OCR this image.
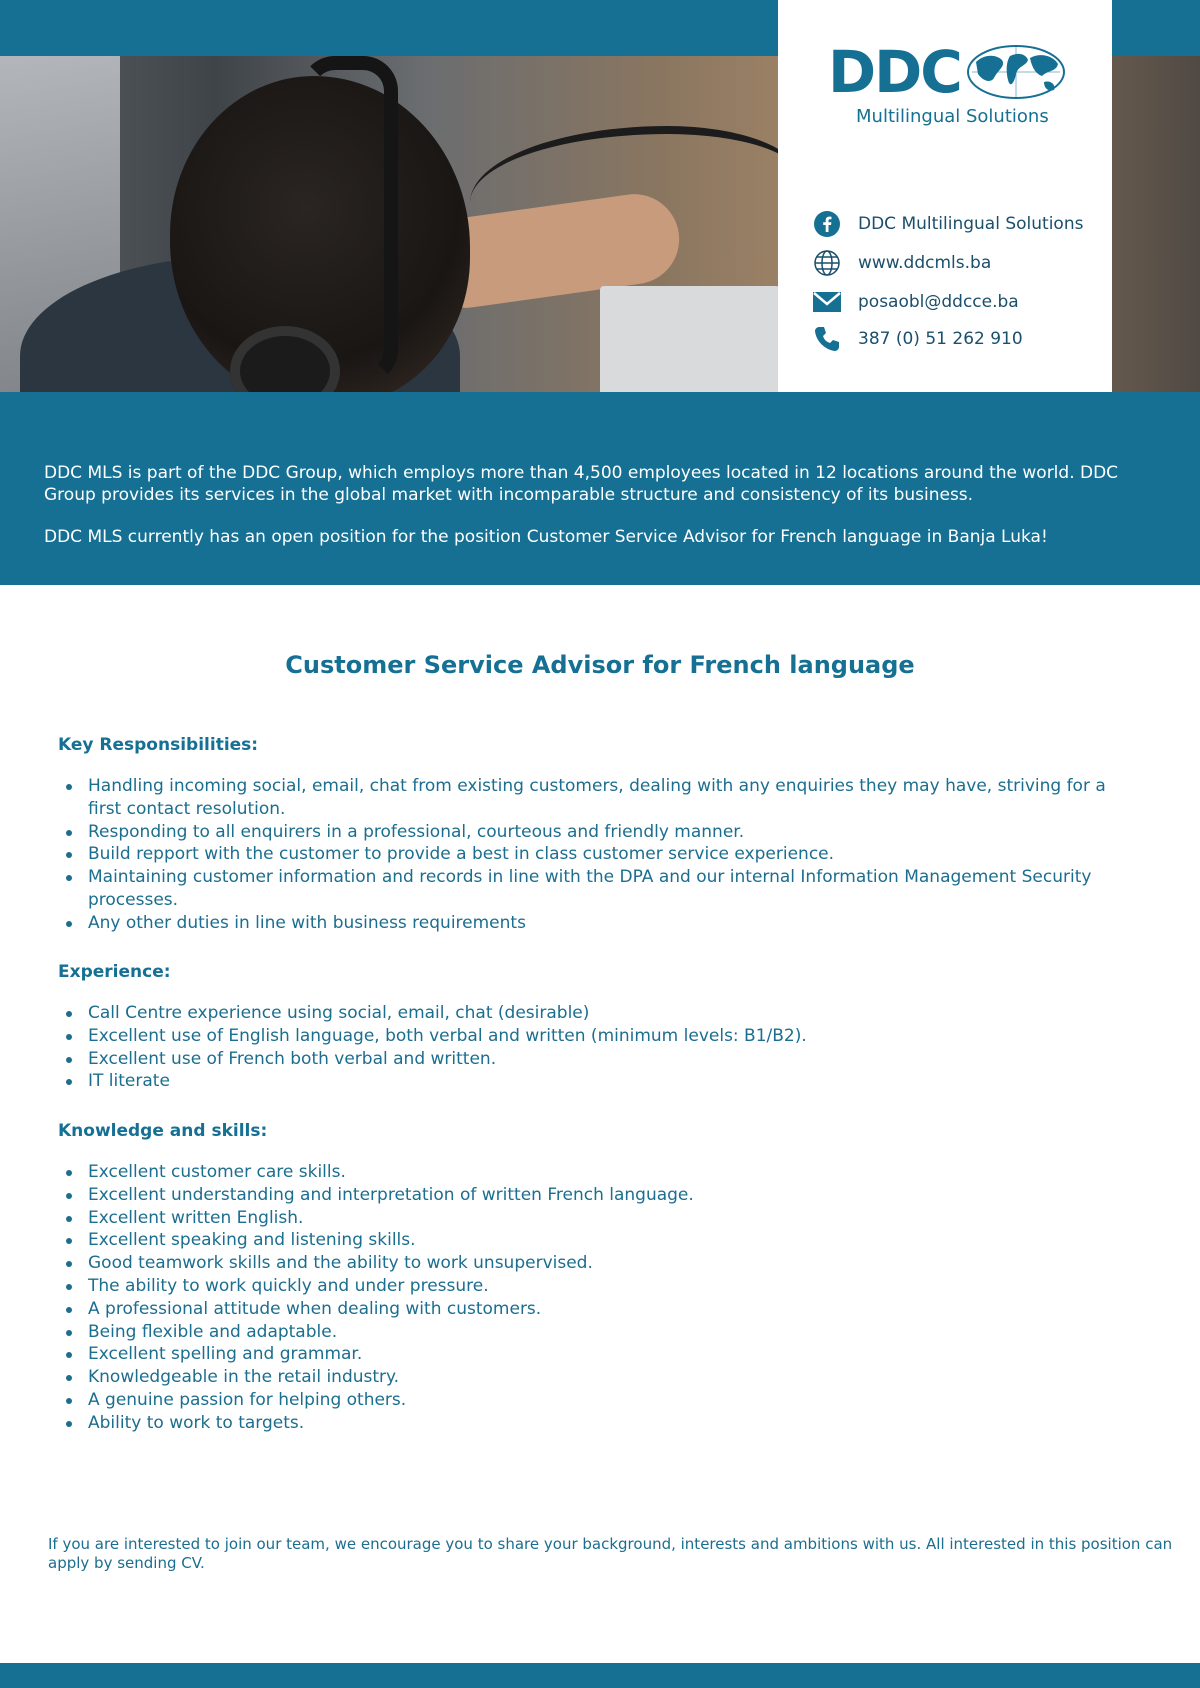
DDC
Multilingual Solutions
DDC Multilingual Solutions
www.ddcmls.ba
posaobl@ddcce.ba
387 (0) 51 262 910

DDC MLS is part of the DDC Group, which employs more than 4,500 employees located in 12 locations around the world. DDC Group provides its services in the global market with incomparable structure and consistency of its business.

DDC MLS currently has an open position for the position Customer Service Advisor for French language in Banja Luka!

Customer Service Advisor for French language
Key Responsibilities:
Handling incoming social, email, chat from existing customers, dealing with any enquiries they may have, striving for a first contact resolution.
Responding to all enquirers in a professional, courteous and friendly manner.
Build repport with the customer to provide a best in class customer service experience.
Maintaining customer information and records in line with the DPA and our internal Information Management Security processes.
Any other duties in line with business requirements
Experience:
Call Centre experience using social, email, chat (desirable)
Excellent use of English language, both verbal and written (minimum levels: B1/B2).
Excellent use of French both verbal and written.
IT literate
Knowledge and skills:
Excellent customer care skills.
Excellent understanding and interpretation of written French language.
Excellent written English.
Excellent speaking and listening skills.
Good teamwork skills and the ability to work unsupervised.
The ability to work quickly and under pressure.
A professional attitude when dealing with customers.
Being flexible and adaptable.
Excellent spelling and grammar.
Knowledgeable in the retail industry.
A genuine passion for helping others.
Ability to work to targets.
If you are interested to join our team, we encourage you to share your background, interests and ambitions with us. All interested in this position can apply by sending CV.
